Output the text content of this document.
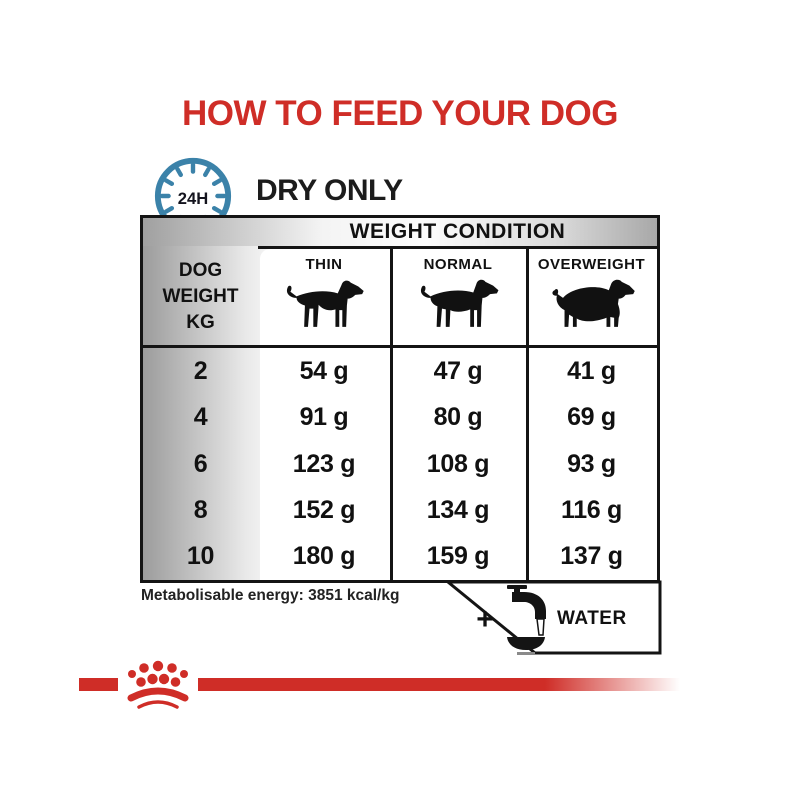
HOW TO FEED YOUR DOG
24H DRY ONLY
WEIGHT CONDITION
DOG
WEIGHT
KG
THIN	NORMAL	OVERWEIGHT
2	54 g	47 g	41 g
4	91 g	80 g	69 g
6	123 g	108 g	93 g
8	152 g	134 g	116 g
10	180 g	159 g	137 g
Metabolisable energy: 3851 kcal/kg
+	WATER
